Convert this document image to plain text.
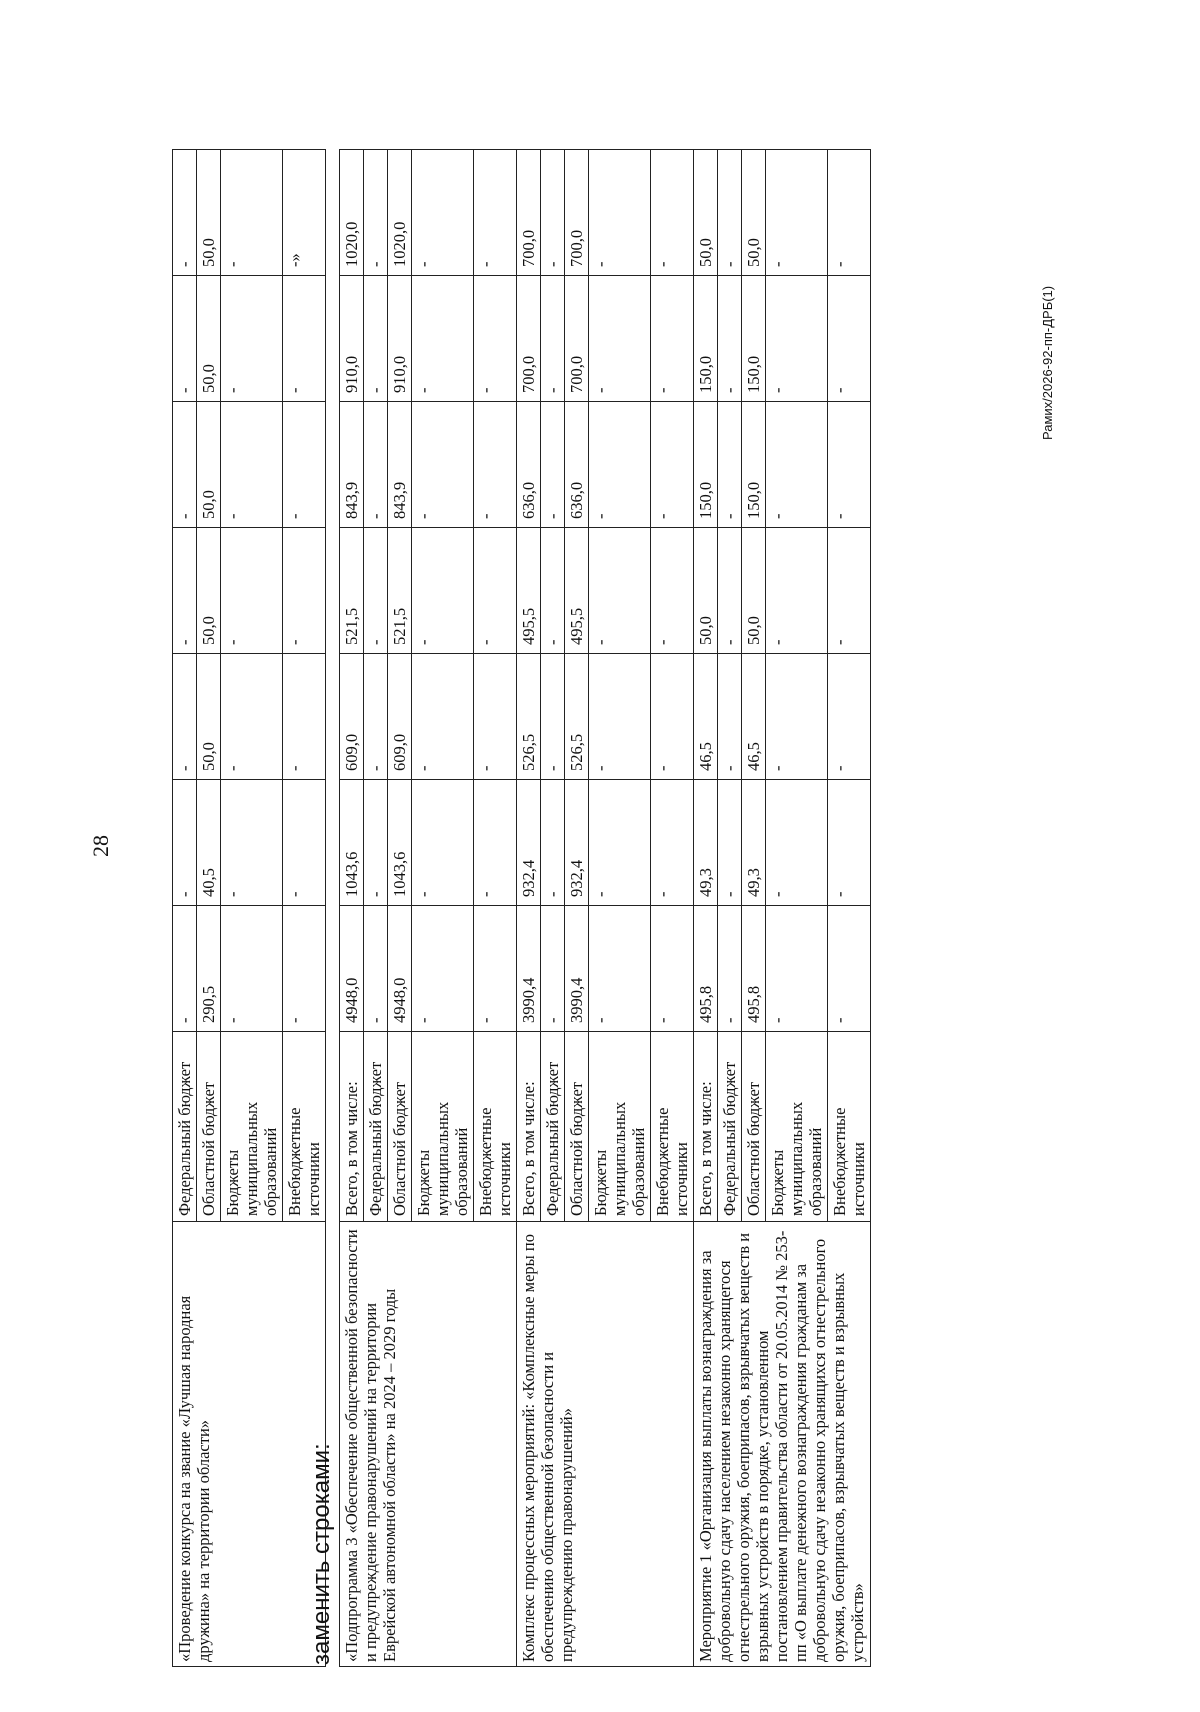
28
Рамих/2026-92-пп-ДРБ(1)
«Проведение конкурса на звание «Лучшая народная дружина» на территории области»	Федеральный бюджет	-	-	-	-	-	-	-
	Областной бюджет	290,5	40,5	50,0	50,0	50,0	50,0	50,0
	Бюджеты муниципальных образований	-	-	-	-	-	-	-
	Внебюджетные источники	-	-	-	-	-	-	-»
заменить строками: «Подпрограмма 3 «Обеспечение общественной безопасности и предупреждение правонарушений на территории Еврейской автономной области» на 2024 – 2029 годы	Всего, в том числе:	4948,0	1043,6	609,0	521,5	843,9	910,0	1020,0
	Федеральный бюджет	-	-	-	-	-	-	-
	Областной бюджет	4948,0	1043,6	609,0	521,5	843,9	910,0	1020,0
	Бюджеты муниципальных образований	-	-	-	-	-	-	-
	Внебюджетные источники	-	-	-	-	-	-	-
Комплекс процессных мероприятий: «Комплексные меры по обеспечению общественной безопасности и предупреждению правонарушений»	Всего, в том числе:	3990,4	932,4	526,5	495,5	636,0	700,0	700,0
	Федеральный бюджет	-	-	-	-	-	-	-
	Областной бюджет	3990,4	932,4	526,5	495,5	636,0	700,0	700,0
	Бюджеты муниципальных образований	-	-	-	-	-	-	-
	Внебюджетные источники	-	-	-	-	-	-	-
Мероприятие 1 «Организация выплаты вознаграждения за добровольную сдачу населением незаконно хранящегося огнестрельного оружия, боеприпасов, взрывчатых веществ и взрывных устройств в порядке, установленном постановлением правительства области от 20.05.2014 № 253-пп «О выплате денежного вознаграждения гражданам за добровольную сдачу незаконно хранящихся огнестрельного оружия, боеприпасов, взрывчатых веществ и взрывных устройств»	Всего, в том числе:	495,8	49,3	46,5	50,0	150,0	150,0	50,0
	Федеральный бюджет	-	-	-	-	-	-	-
	Областной бюджет	495,8	49,3	46,5	50,0	150,0	150,0	50,0
	Бюджеты муниципальных образований	-	-	-	-	-	-	-
	Внебюджетные источники	-	-	-	-	-	-	-
